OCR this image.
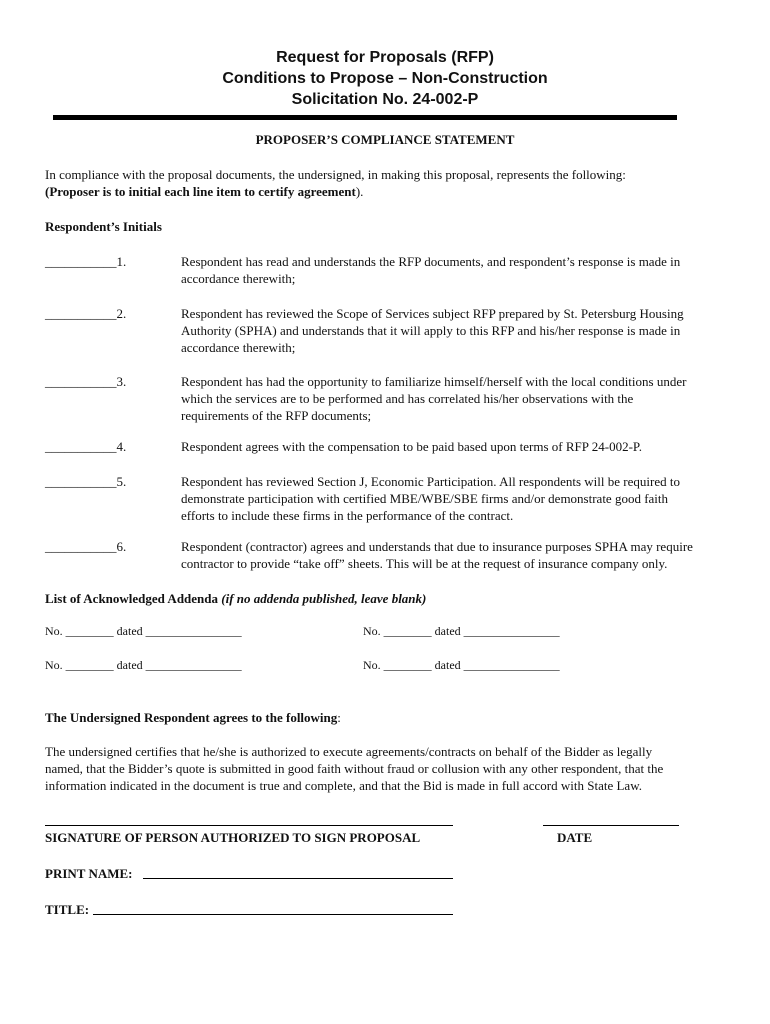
Request for Proposals (RFP)
Conditions to Propose – Non-Construction
Solicitation No. 24-002-P
PROPOSER’S COMPLIANCE STATEMENT
In compliance with the proposal documents, the undersigned, in making this proposal, represents the following:
(Proposer is to initial each line item to certify agreement).
Respondent’s Initials
___________1.	Respondent has read and understands the RFP documents, and respondent’s response is made in
accordance therewith;
___________2.	Respondent has reviewed the Scope of Services subject RFP prepared by St. Petersburg Housing
Authority (SPHA) and understands that it will apply to this RFP and his/her response is made in
accordance therewith;
___________3.	Respondent has had the opportunity to familiarize himself/herself with the local conditions under
which the services are to be performed and has correlated his/her observations with the
requirements of the RFP documents;
___________4.	Respondent agrees with the compensation to be paid based upon terms of RFP 24-002-P.
___________5.	Respondent has reviewed Section J, Economic Participation. All respondents will be required to
demonstrate participation with certified MBE/WBE/SBE firms and/or demonstrate good faith
efforts to include these firms in the performance of the contract.
___________6.	Respondent (contractor) agrees and understands that due to insurance purposes SPHA may require
contractor to provide “take off” sheets. This will be at the request of insurance company only.
List of Acknowledged Addenda (if no addenda published, leave blank)
No. ________ dated ________________	No. ________ dated ________________
No. ________ dated ________________	No. ________ dated ________________
The Undersigned Respondent agrees to the following:
The undersigned certifies that he/she is authorized to execute agreements/contracts on behalf of the Bidder as legally
named, that the Bidder’s quote is submitted in good faith without fraud or collusion with any other respondent, that the
information indicated in the document is true and complete, and that the Bid is made in full accord with State Law.
SIGNATURE OF PERSON AUTHORIZED TO SIGN PROPOSAL	DATE
PRINT NAME:
TITLE:
